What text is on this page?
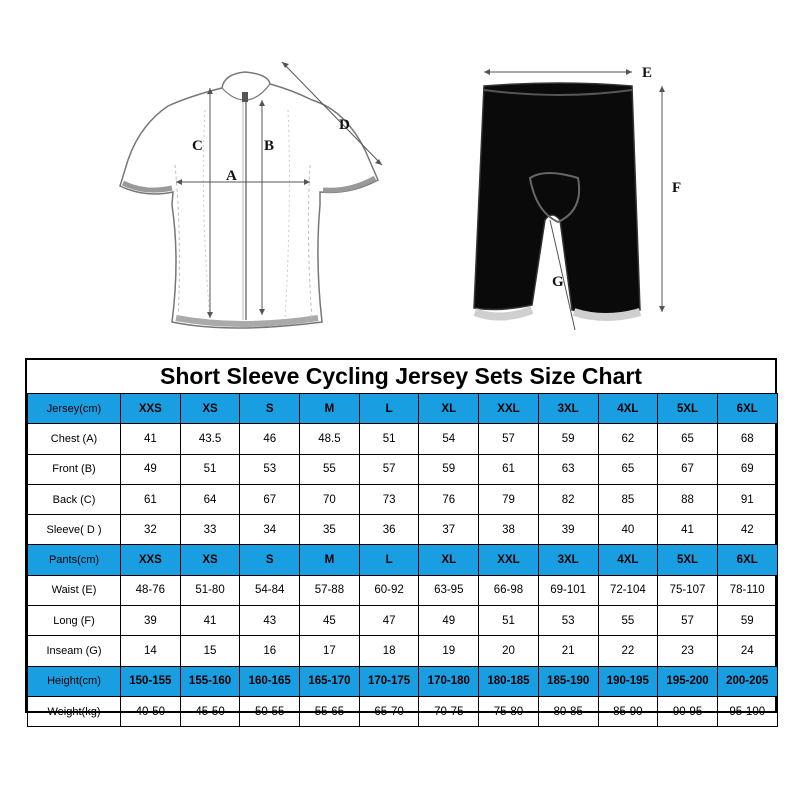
A
B
C
D
E
F
G
Short Sleeve Cycling Jersey Sets Size Chart
Jersey(cm)	XXS	XS	S	M	L	XL	XXL	3XL	4XL	5XL	6XL
Chest (A)	41	43.5	46	48.5	51	54	57	59	62	65	68
Front (B)	49	51	53	55	57	59	61	63	65	67	69
Back (C)	61	64	67	70	73	76	79	82	85	88	91
Sleeve( D )	32	33	34	35	36	37	38	39	40	41	42
Pants(cm)	XXS	XS	S	M	L	XL	XXL	3XL	4XL	5XL	6XL
Waist (E)	48-76	51-80	54-84	57-88	60-92	63-95	66-98	69-101	72-104	75-107	78-110
Long (F)	39	41	43	45	47	49	51	53	55	57	59
Inseam (G)	14	15	16	17	18	19	20	21	22	23	24
Height(cm)	150-155	155-160	160-165	165-170	170-175	170-180	180-185	185-190	190-195	195-200	200-205
Weight(kg)	40-50	45-50	50-55	55-65	65-70	70-75	75-80	80-85	85-90	90-95	95-100
